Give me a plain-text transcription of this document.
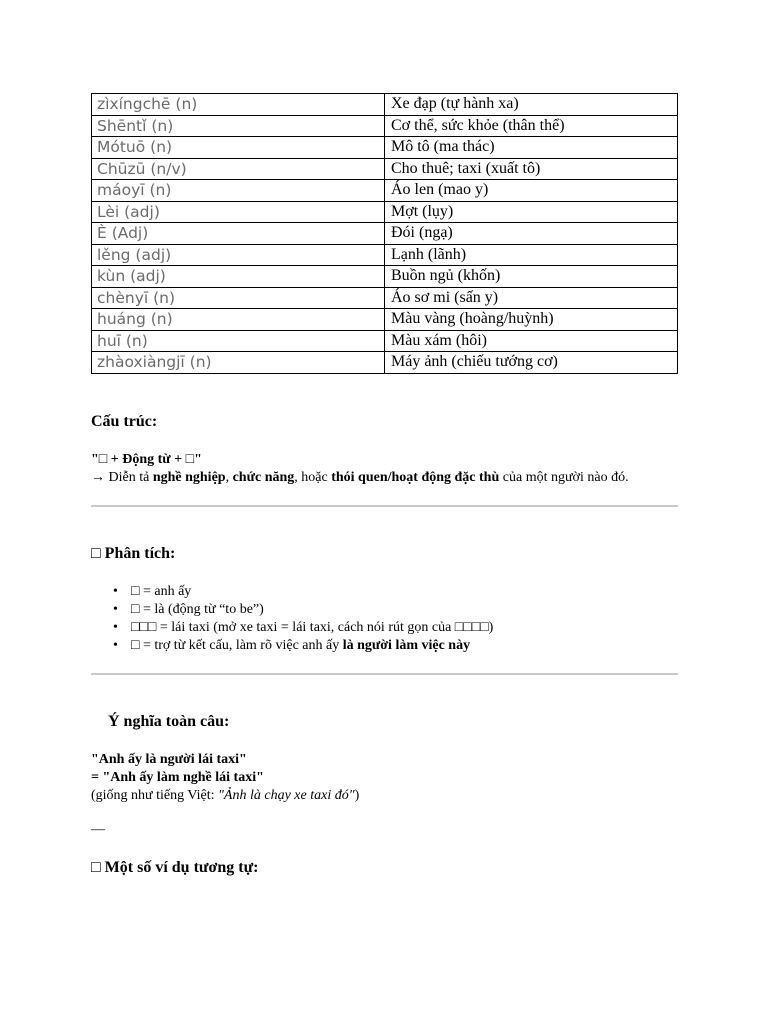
zìxíngchē (n)	Xe đạp (tự hành xa)
Shēntǐ (n)	Cơ thể, sức khỏe (thân thể)
Mótuō (n)	Mô tô (ma thác)
Chūzū (n/v)	Cho thuê; taxi (xuất tô)
máoyī (n)	Áo len (mao y)
Lèi (adj)	Mợt (lụy)
È (Adj)	Đói (ngạ)
lěng (adj)	Lạnh (lãnh)
kùn (adj)	Buồn ngủ (khốn)
chènyī (n)	Áo sơ mi (sấn y)
huáng (n)	Màu vàng (hoàng/huỳnh)
huī (n)	Màu xám (hôi)
zhàoxiàngjī (n)	Máy ảnh (chiếu tướng cơ)
Cấu trúc:
"□ + Động từ + □"
→ Diễn tả nghề nghiệp, chức năng, hoặc thói quen/hoạt động đặc thù của một người nào đó.
□ Phân tích:
• □ = anh ấy
• □ = là (động từ “to be”)
• □□□ = lái taxi (mở xe taxi = lái taxi, cách nói rút gọn của □□□□)
• □ = trợ từ kết cấu, làm rõ việc anh ấy là người làm việc này
Ý nghĩa toàn câu:
"Anh ấy là người lái taxi"
= "Anh ấy làm nghề lái taxi"
(giống như tiếng Việt: "Ảnh là chạy xe taxi đó")
—
□ Một số ví dụ tương tự:
